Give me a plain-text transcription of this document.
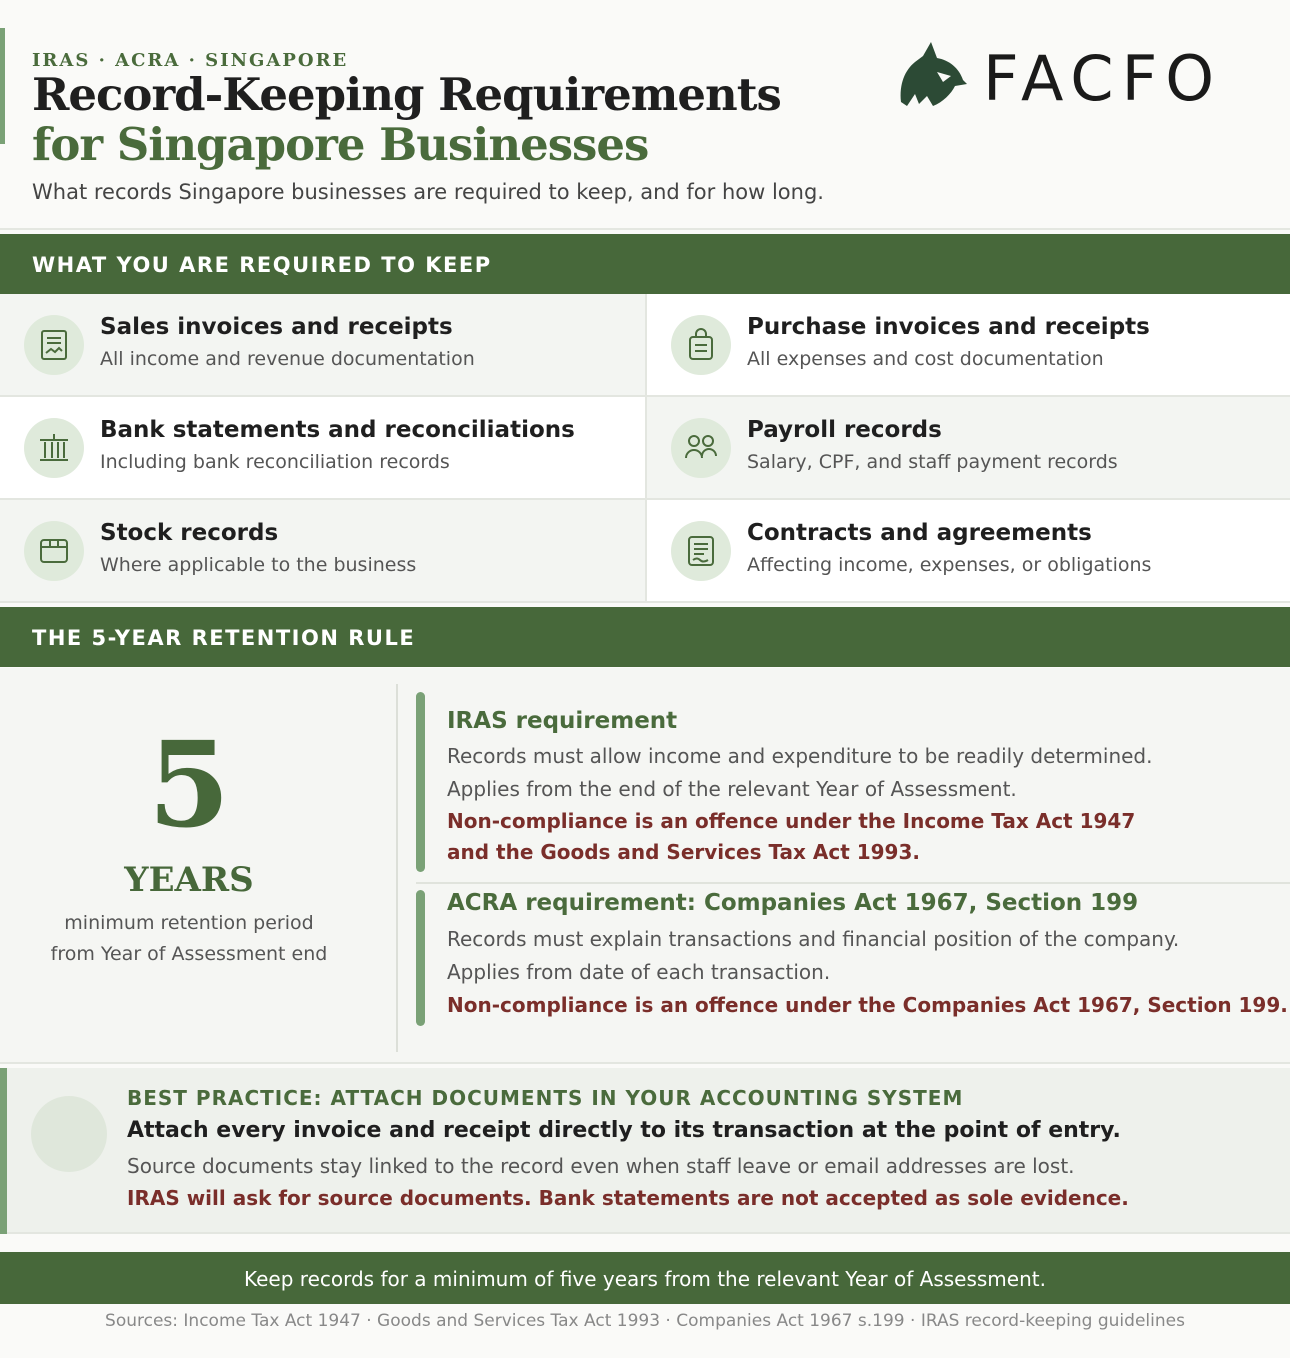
IRAS · ACRA · SINGAPORE
Record-Keeping Requirements
for Singapore Businesses
What records Singapore businesses are required to keep, and for how long.
FACFO
WHAT YOU ARE REQUIRED TO KEEP
Sales invoices and receipts
All income and revenue documentation
Purchase invoices and receipts
All expenses and cost documentation
Bank statements and reconciliations
Including bank reconciliation records
Payroll records
Salary, CPF, and staff payment records
Stock records
Where applicable to the business
Contracts and agreements
Affecting income, expenses, or obligations
THE 5-YEAR RETENTION RULE
5
YEARS
minimum retention period
from Year of Assessment end
IRAS requirement
Records must allow income and expenditure to be readily determined.
Applies from the end of the relevant Year of Assessment.
Non-compliance is an offence under the Income Tax Act 1947
and the Goods and Services Tax Act 1993.
ACRA requirement: Companies Act 1967, Section 199
Records must explain transactions and financial position of the company.
Applies from date of each transaction.
Non-compliance is an offence under the Companies Act 1967, Section 199.
BEST PRACTICE: ATTACH DOCUMENTS IN YOUR ACCOUNTING SYSTEM
Attach every invoice and receipt directly to its transaction at the point of entry.
Source documents stay linked to the record even when staff leave or email addresses are lost.
IRAS will ask for source documents. Bank statements are not accepted as sole evidence.
Keep records for a minimum of five years from the relevant Year of Assessment.
Sources: Income Tax Act 1947 · Goods and Services Tax Act 1993 · Companies Act 1967 s.199 · IRAS record-keeping guidelines
